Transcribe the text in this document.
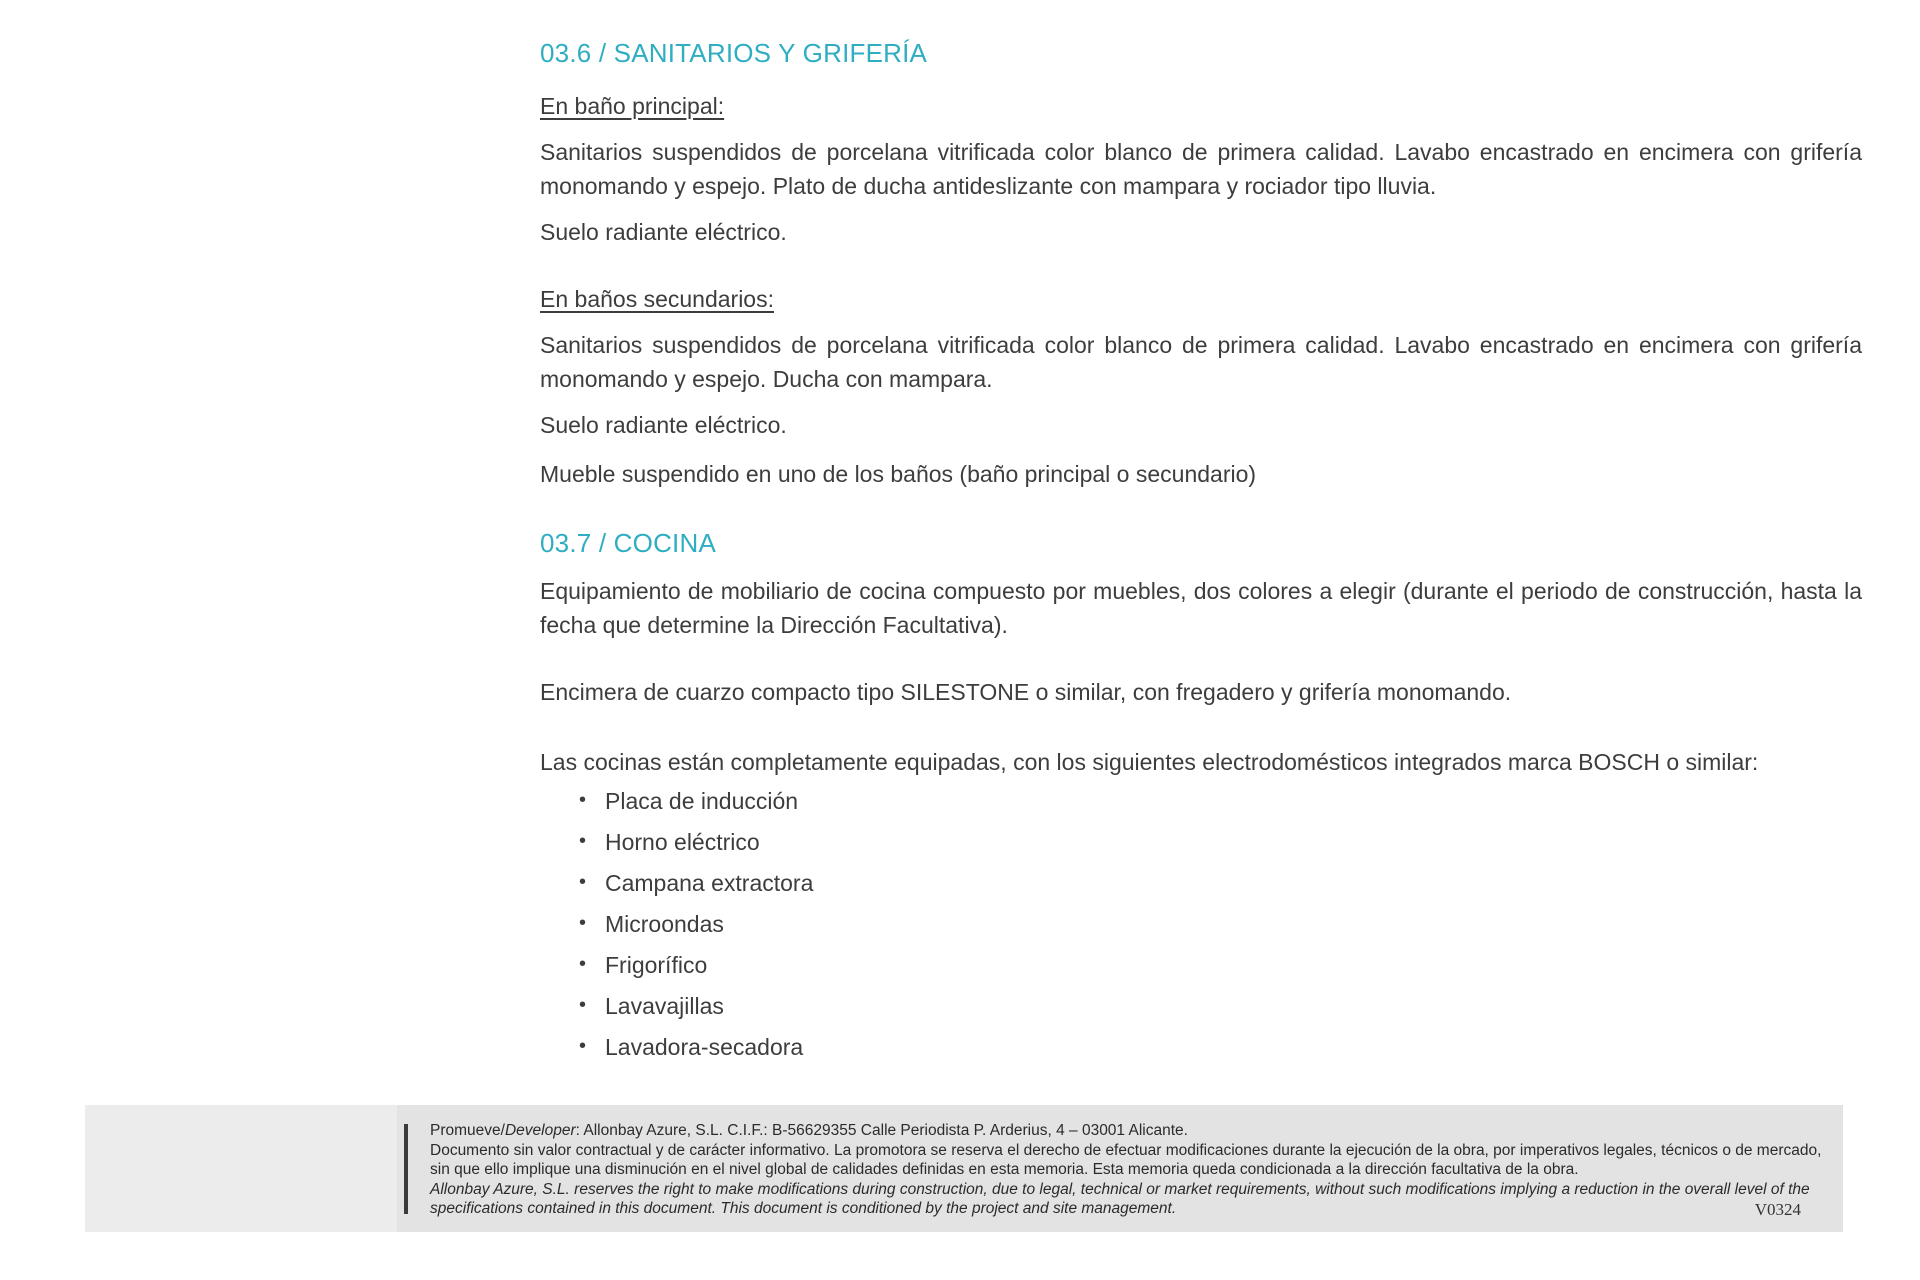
03.6 / SANITARIOS Y GRIFERÍA

En baño principal:

Sanitarios suspendidos de porcelana vitrificada color blanco de primera calidad. Lavabo encastrado en encimera con grifería monomando y espejo. Plato de ducha antideslizante con mampara y rociador tipo lluvia.

Suelo radiante eléctrico.

En baños secundarios:

Sanitarios suspendidos de porcelana vitrificada color blanco de primera calidad. Lavabo encastrado en encimera con grifería monomando y espejo. Ducha con mampara.

Suelo radiante eléctrico.

Mueble suspendido en uno de los baños (baño principal o secundario)

03.7 / COCINA

Equipamiento de mobiliario de cocina compuesto por muebles, dos colores a elegir (durante el periodo de construcción, hasta la fecha que determine la Dirección Facultativa).

Encimera de cuarzo compacto tipo SILESTONE o similar, con fregadero y grifería monomando.

Las cocinas están completamente equipadas, con los siguientes electrodomésticos integrados marca BOSCH o similar:

• Placa de inducción
• Horno eléctrico
• Campana extractora
• Microondas
• Frigorífico
• Lavavajillas
• Lavadora-secadora

Promueve/Developer: Allonbay Azure, S.L. C.I.F.: B-56629355 Calle Periodista P. Arderius, 4 – 03001 Alicante.

Documento sin valor contractual y de carácter informativo. La promotora se reserva el derecho de efectuar modificaciones durante la ejecución de la obra, por imperativos legales, técnicos o de mercado, sin que ello implique una disminución en el nivel global de calidades definidas en esta memoria. Esta memoria queda condicionada a la dirección facultativa de la obra.

Allonbay Azure, S.L. reserves the right to make modifications during construction, due to legal, technical or market requirements, without such modifications implying a reduction in the overall level of the specifications contained in this document. This document is conditioned by the project and site management.	V0324
